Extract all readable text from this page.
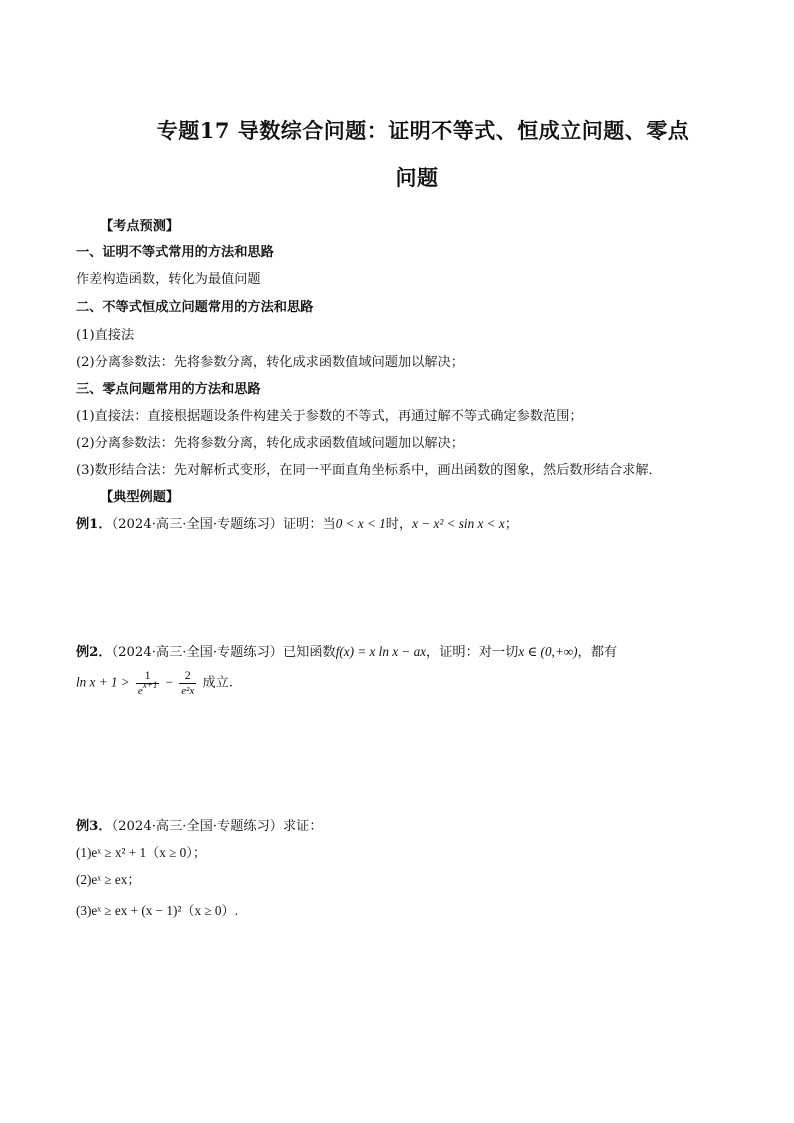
专题17 导数综合问题：证明不等式、恒成立问题、零点
问题
【考点预测】
一、证明不等式常用的方法和思路
作差构造函数，转化为最值问题
二、不等式恒成立问题常用的方法和思路
(1)直接法
(2)分离参数法：先将参数分离，转化成求函数值域问题加以解决；
三、零点问题常用的方法和思路
(1)直接法：直接根据题设条件构建关于参数的不等式，再通过解不等式确定参数范围；
(2)分离参数法：先将参数分离，转化成求函数值域问题加以解决；
(3)数形结合法：先对解析式变形，在同一平面直角坐标系中，画出函数的图象，然后数形结合求解．
【典型例题】
例1．（2024·高三·全国·专题练习）证明：当0 < x < 1时，x − x² < sin x < x；
例2．（2024·高三·全国·专题练习）已知函数f(x) = x ln x − ax，证明：对一切x ∈ (0,+∞)，都有
$\ln x + 1 > \frac{1}{e^{x+1}} - \frac{2}{\text{e²x}}$ 成立.
例3．（2024·高三·全国·专题练习）求证：
(1)eˣ ≥ x² + 1（x ≥ 0）；
(2)eˣ ≥ ex；
(3)eˣ ≥ ex + (x − 1)²（x ≥ 0）.
